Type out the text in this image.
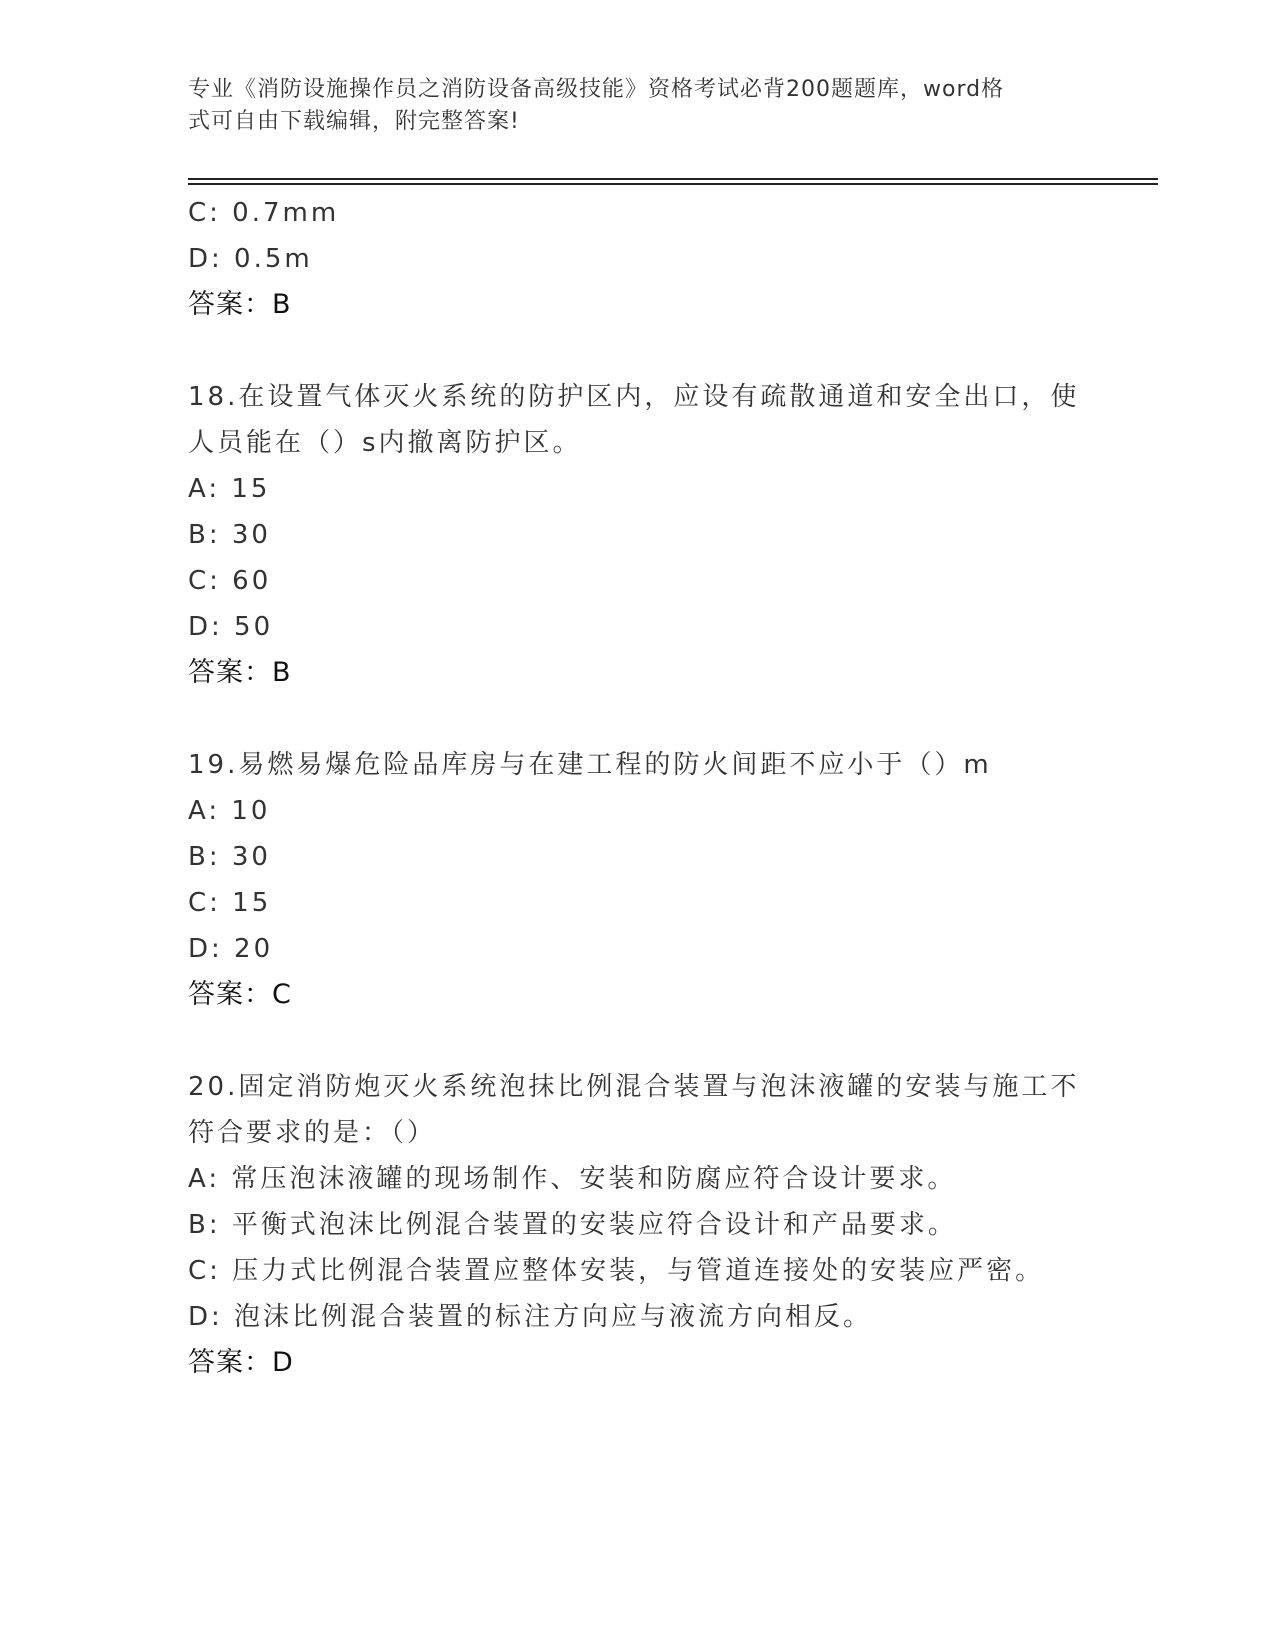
专业《消防设施操作员之消防设备高级技能》资格考试必背200题题库，word格
式可自由下载编辑，附完整答案!
C: 0.7mm
D: 0.5m
答案：B
18.在设置气体灭火系统的防护区内，应设有疏散通道和安全出口，使
人员能在（）s内撤离防护区。
A: 15
B: 30
C: 60
D: 50
答案：B
19.易燃易爆危险品库房与在建工程的防火间距不应小于（）m
A: 10
B: 30
C: 15
D: 20
答案：C
20.固定消防炮灭火系统泡抹比例混合装置与泡沫液罐的安装与施工不
符合要求的是：（）
A: 常压泡沫液罐的现场制作、安装和防腐应符合设计要求。
B: 平衡式泡沫比例混合装置的安装应符合设计和产品要求。
C: 压力式比例混合装置应整体安装，与管道连接处的安装应严密。
D: 泡沫比例混合装置的标注方向应与液流方向相反。
答案：D
